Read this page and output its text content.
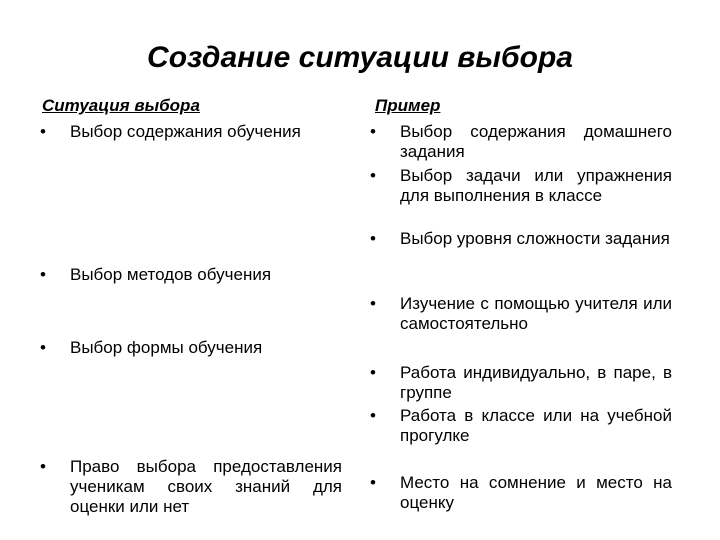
Создание ситуации выбора
Ситуация выбора
• Выбор содержания обучения
• Выбор методов обучения
• Выбор формы обучения
• Право выбора предоставления ученикам своих знаний для оценки или нет
Пример
• Выбор содержания домашнего задания
• Выбор задачи или упражнения для выполнения в классе
• Выбор уровня сложности задания
• Изучение с помощью учителя или самостоятельно
• Работа индивидуально, в паре, в группе
• Работа в классе или на учебной прогулке
• Место на сомнение и место на оценку
